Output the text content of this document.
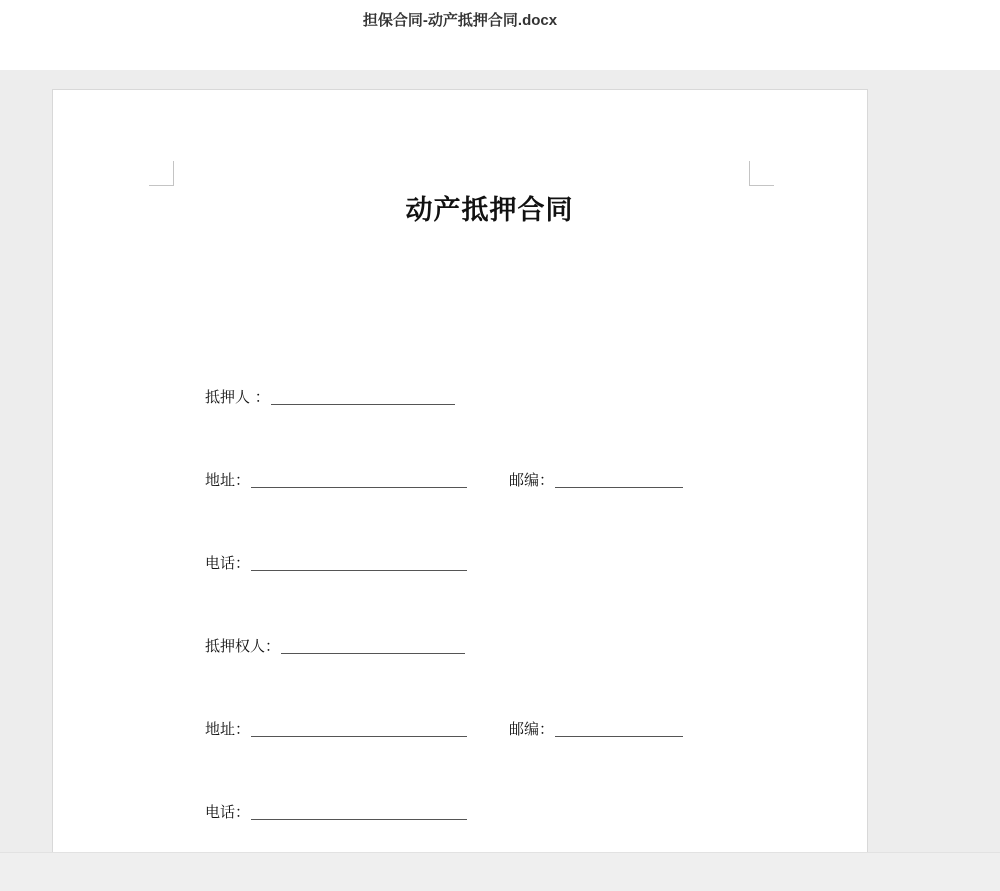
担保合同-动产抵押合同.docx
动产抵押合同
抵押人 ：
地址：	邮编：
电话：
抵押权人：
地址：	邮编：
电话：
